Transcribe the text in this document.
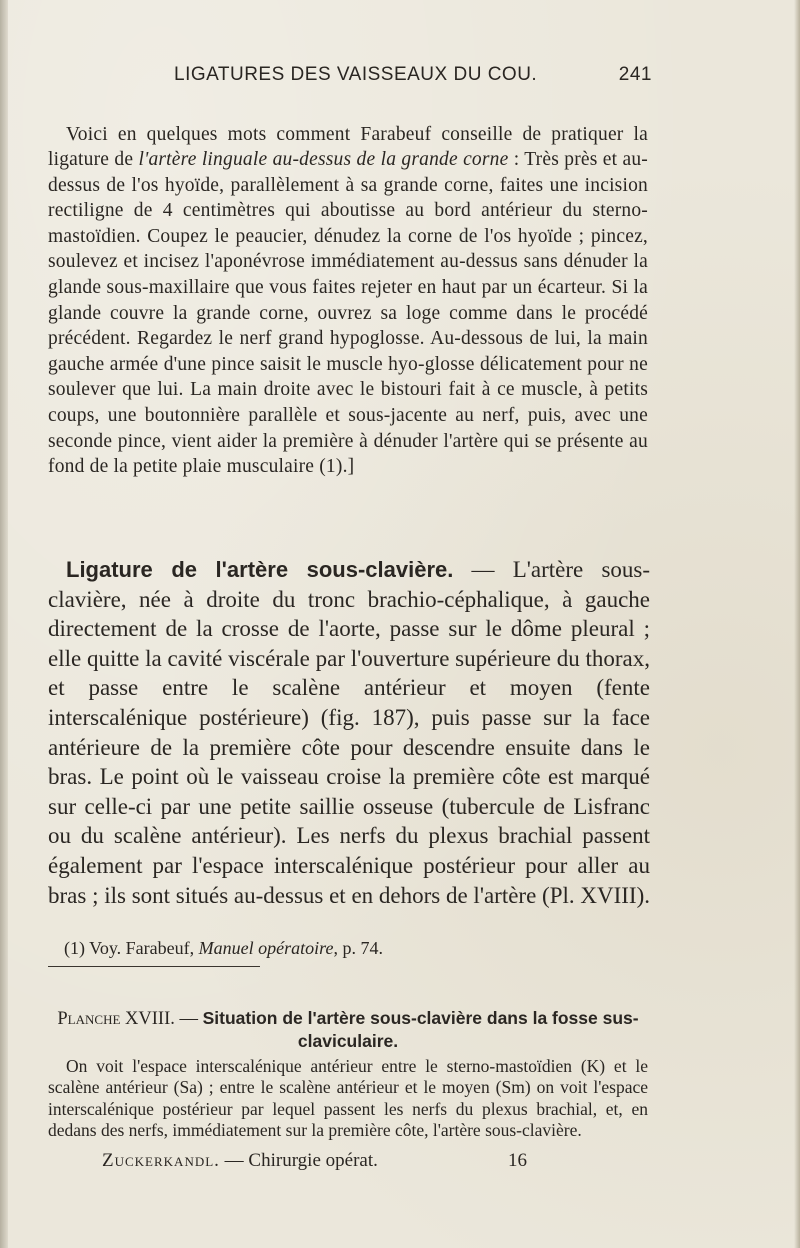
LIGATURES DES VAISSEAUX DU COU.	241

Voici en quelques mots comment Farabeuf conseille de pratiquer la ligature de l'artère linguale au-dessus de la grande corne : Très près et au-dessus de l'os hyoïde, parallèlement à sa grande corne, faites une incision rectiligne de 4 centimètres qui aboutisse au bord antérieur du sterno-mastoïdien. Coupez le peaucier, dénudez la corne de l'os hyoïde ; pincez, soulevez et incisez l'aponévrose immédiatement au-dessus sans dénuder la glande sous-maxillaire que vous faites rejeter en haut par un écarteur. Si la glande couvre la grande corne, ouvrez sa loge comme dans le procédé précédent. Regardez le nerf grand hypoglosse. Au-dessous de lui, la main gauche armée d'une pince saisit le muscle hyo-glosse délicatement pour ne soulever que lui. La main droite avec le bistouri fait à ce muscle, à petits coups, une boutonnière parallèle et sous-jacente au nerf, puis, avec une seconde pince, vient aider la première à dénuder l'artère qui se présente au fond de la petite plaie musculaire (1).]

Ligature de l'artère sous-clavière. — L'artère sous-clavière, née à droite du tronc brachio-céphalique, à gauche directement de la crosse de l'aorte, passe sur le dôme pleural ; elle quitte la cavité viscérale par l'ouverture supérieure du thorax, et passe entre le scalène antérieur et moyen (fente interscalénique postérieure) (fig. 187), puis passe sur la face antérieure de la première côte pour descendre ensuite dans le bras. Le point où le vaisseau croise la première côte est marqué sur celle-ci par une petite saillie osseuse (tubercule de Lisfranc ou du scalène antérieur). Les nerfs du plexus brachial passent également par l'espace interscalénique postérieur pour aller au bras ; ils sont situés au-dessus et en dehors de l'artère (Pl. XVIII).

(1) Voy. Farabeuf, Manuel opératoire, p. 74.

Planche XVIII. — Situation de l'artère sous-clavière dans la fosse sus-claviculaire.

On voit l'espace interscalénique antérieur entre le sterno-mastoïdien (K) et le scalène antérieur (Sa) ; entre le scalène antérieur et le moyen (Sm) on voit l'espace interscalénique postérieur par lequel passent les nerfs du plexus brachial, et, en dedans des nerfs, immédiatement sur la première côte, l'artère sous-clavière.

Zuckerkandl. — Chirurgie opérat.	16
